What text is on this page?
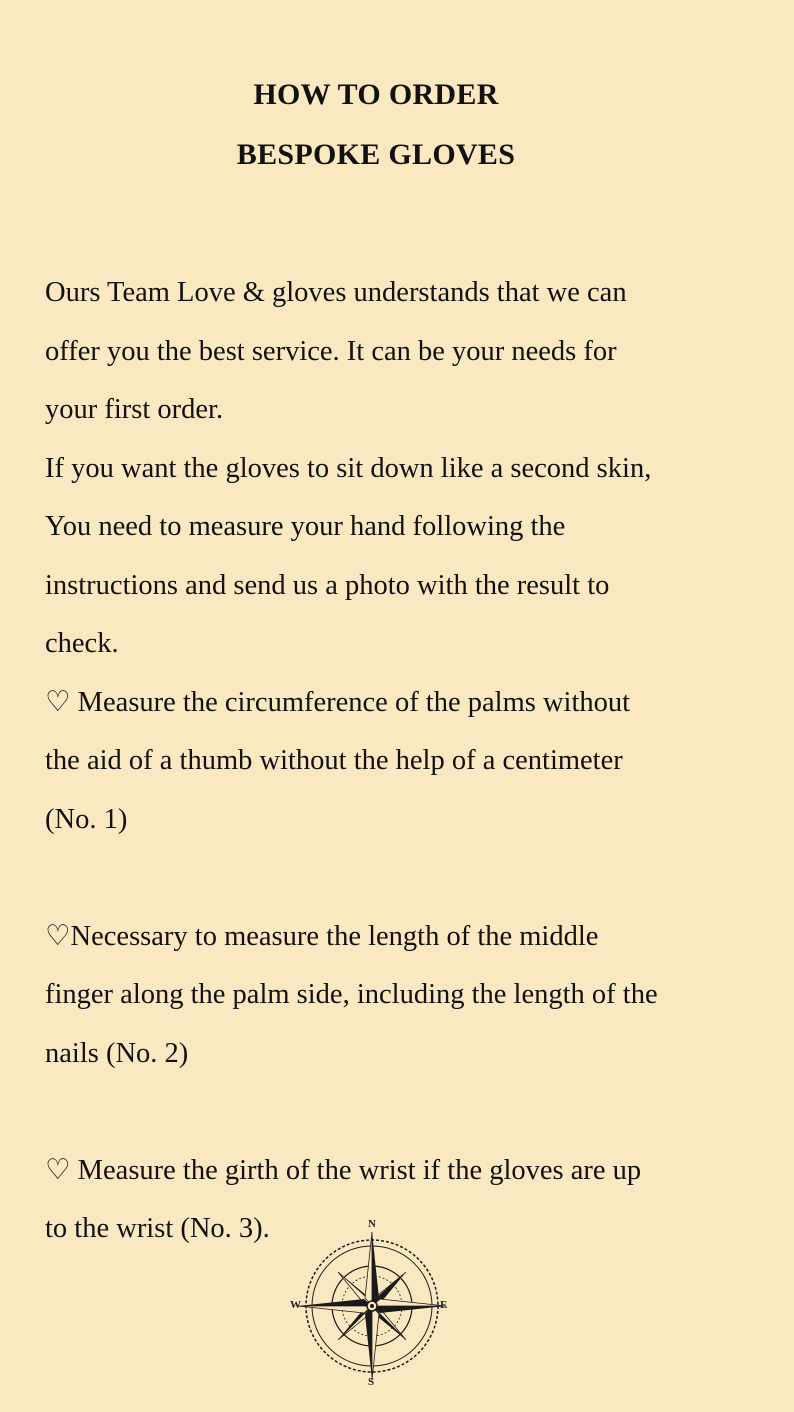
HOW TO ORDER
BESPOKE GLOVES

Ours Team Love & gloves understands that we can

offer you the best service. It can be your needs for

your first order.

If you want the gloves to sit down like a second skin,

You need to measure your hand following the

instructions and send us a photo with the result to

check.

♡ Measure the circumference of the palms without

the aid of a thumb without the help of a centimeter

(No. 1)

♡Necessary to measure the length of the middle

finger along the palm side, including the length of the

nails (No. 2)

♡ Measure the girth of the wrist if the gloves are up

to the wrist (No. 3).	N
S
E
W
